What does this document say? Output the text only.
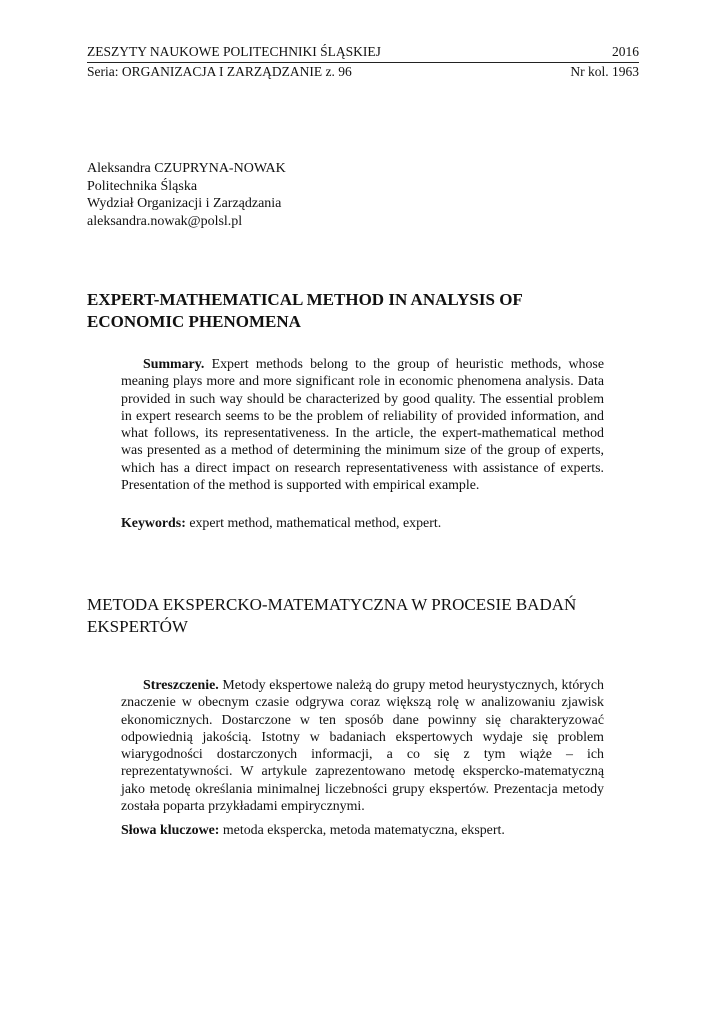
ZESZYTY NAUKOWE POLITECHNIKI ŚLĄSKIEJ	2016
Seria: ORGANIZACJA I ZARZĄDZANIE z. 96	Nr kol. 1963
Aleksandra CZUPRYNA-NOWAK
Politechnika Śląska
Wydział Organizacji i Zarządzania
aleksandra.nowak@polsl.pl
EXPERT-MATHEMATICAL METHOD IN ANALYSIS OF ECONOMIC PHENOMENA
Summary. Expert methods belong to the group of heuristic methods, whose meaning plays more and more significant role in economic phenomena analysis. Data provided in such way should be characterized by good quality. The essential problem in expert research seems to be the problem of reliability of provided information, and what follows, its representativeness. In the article, the expert-mathematical method was presented as a method of determining the minimum size of the group of experts, which has a direct impact on research representativeness with assistance of experts. Presentation of the method is supported with empirical example.
Keywords: expert method, mathematical method, expert.
METODA EKSPERCKO-MATEMATYCZNA W PROCESIE BADAŃ EKSPERTÓW
Streszczenie. Metody ekspertowe należą do grupy metod heurystycznych, których znaczenie w obecnym czasie odgrywa coraz większą rolę w analizowaniu zjawisk ekonomicznych. Dostarczone w ten sposób dane powinny się charakteryzować odpowiednią jakością. Istotny w badaniach ekspertowych wydaje się problem wiarygodności dostarczonych informacji, a co się z tym wiąże – ich reprezentatywności. W artykule zaprezentowano metodę ekspercko-matematyczną jako metodę określania minimalnej liczebności grupy ekspertów. Prezentacja metody została poparta przykładami empirycznymi.
Słowa kluczowe: metoda ekspercka, metoda matematyczna, ekspert.
